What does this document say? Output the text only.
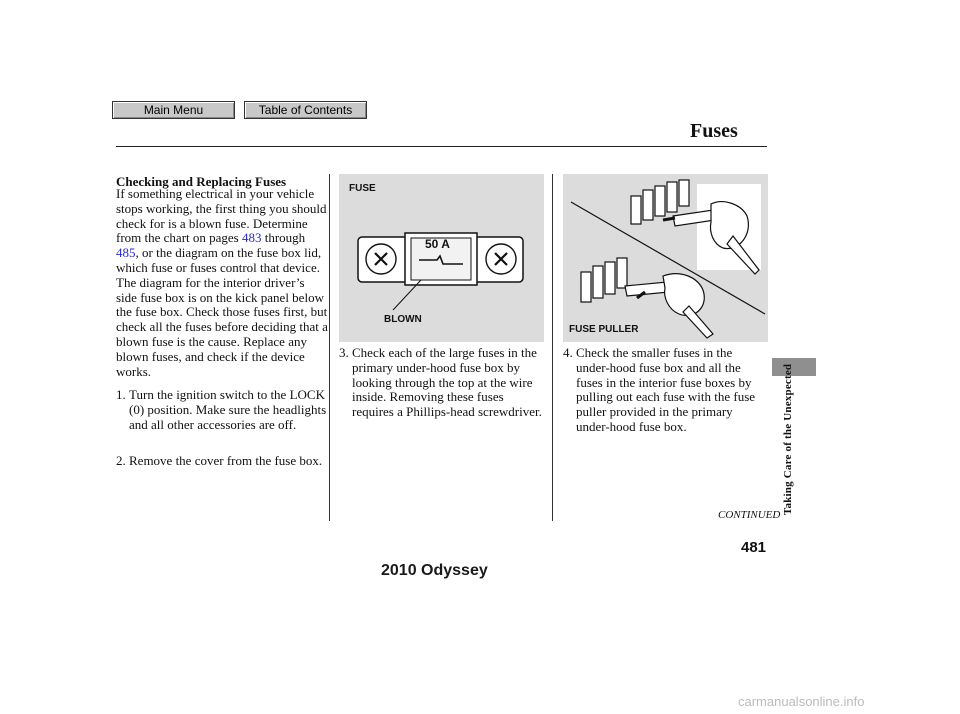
Main Menu	Table of Contents
Fuses
Checking and Replacing Fuses
If something electrical in your vehicle stops working, the first thing you should check for is a blown fuse. Determine from the chart on pages 483 through 485, or the diagram on the fuse box lid, which fuse or fuses control that device. The diagram for the interior driver’s side fuse box is on the kick panel below the fuse box. Check those fuses first, but check all the fuses before deciding that a blown fuse is the cause. Replace any blown fuses, and check if the device works.
1. Turn the ignition switch to the LOCK (0) position. Make sure the headlights and all other accessories are off.
2. Remove the cover from the fuse box.
FUSE
50 A
BLOWN
3. Check each of the large fuses in the primary under-hood fuse box by looking through the top at the wire inside. Removing these fuses requires a Phillips-head screwdriver.
FUSE PULLER
4. Check the smaller fuses in the under-hood fuse box and all the fuses in the interior fuse boxes by pulling out each fuse with the fuse puller provided in the primary under-hood fuse box.	Taking Care of the Unexpected
CONTINUED
481
2010 Odyssey
carmanualsonline.info
